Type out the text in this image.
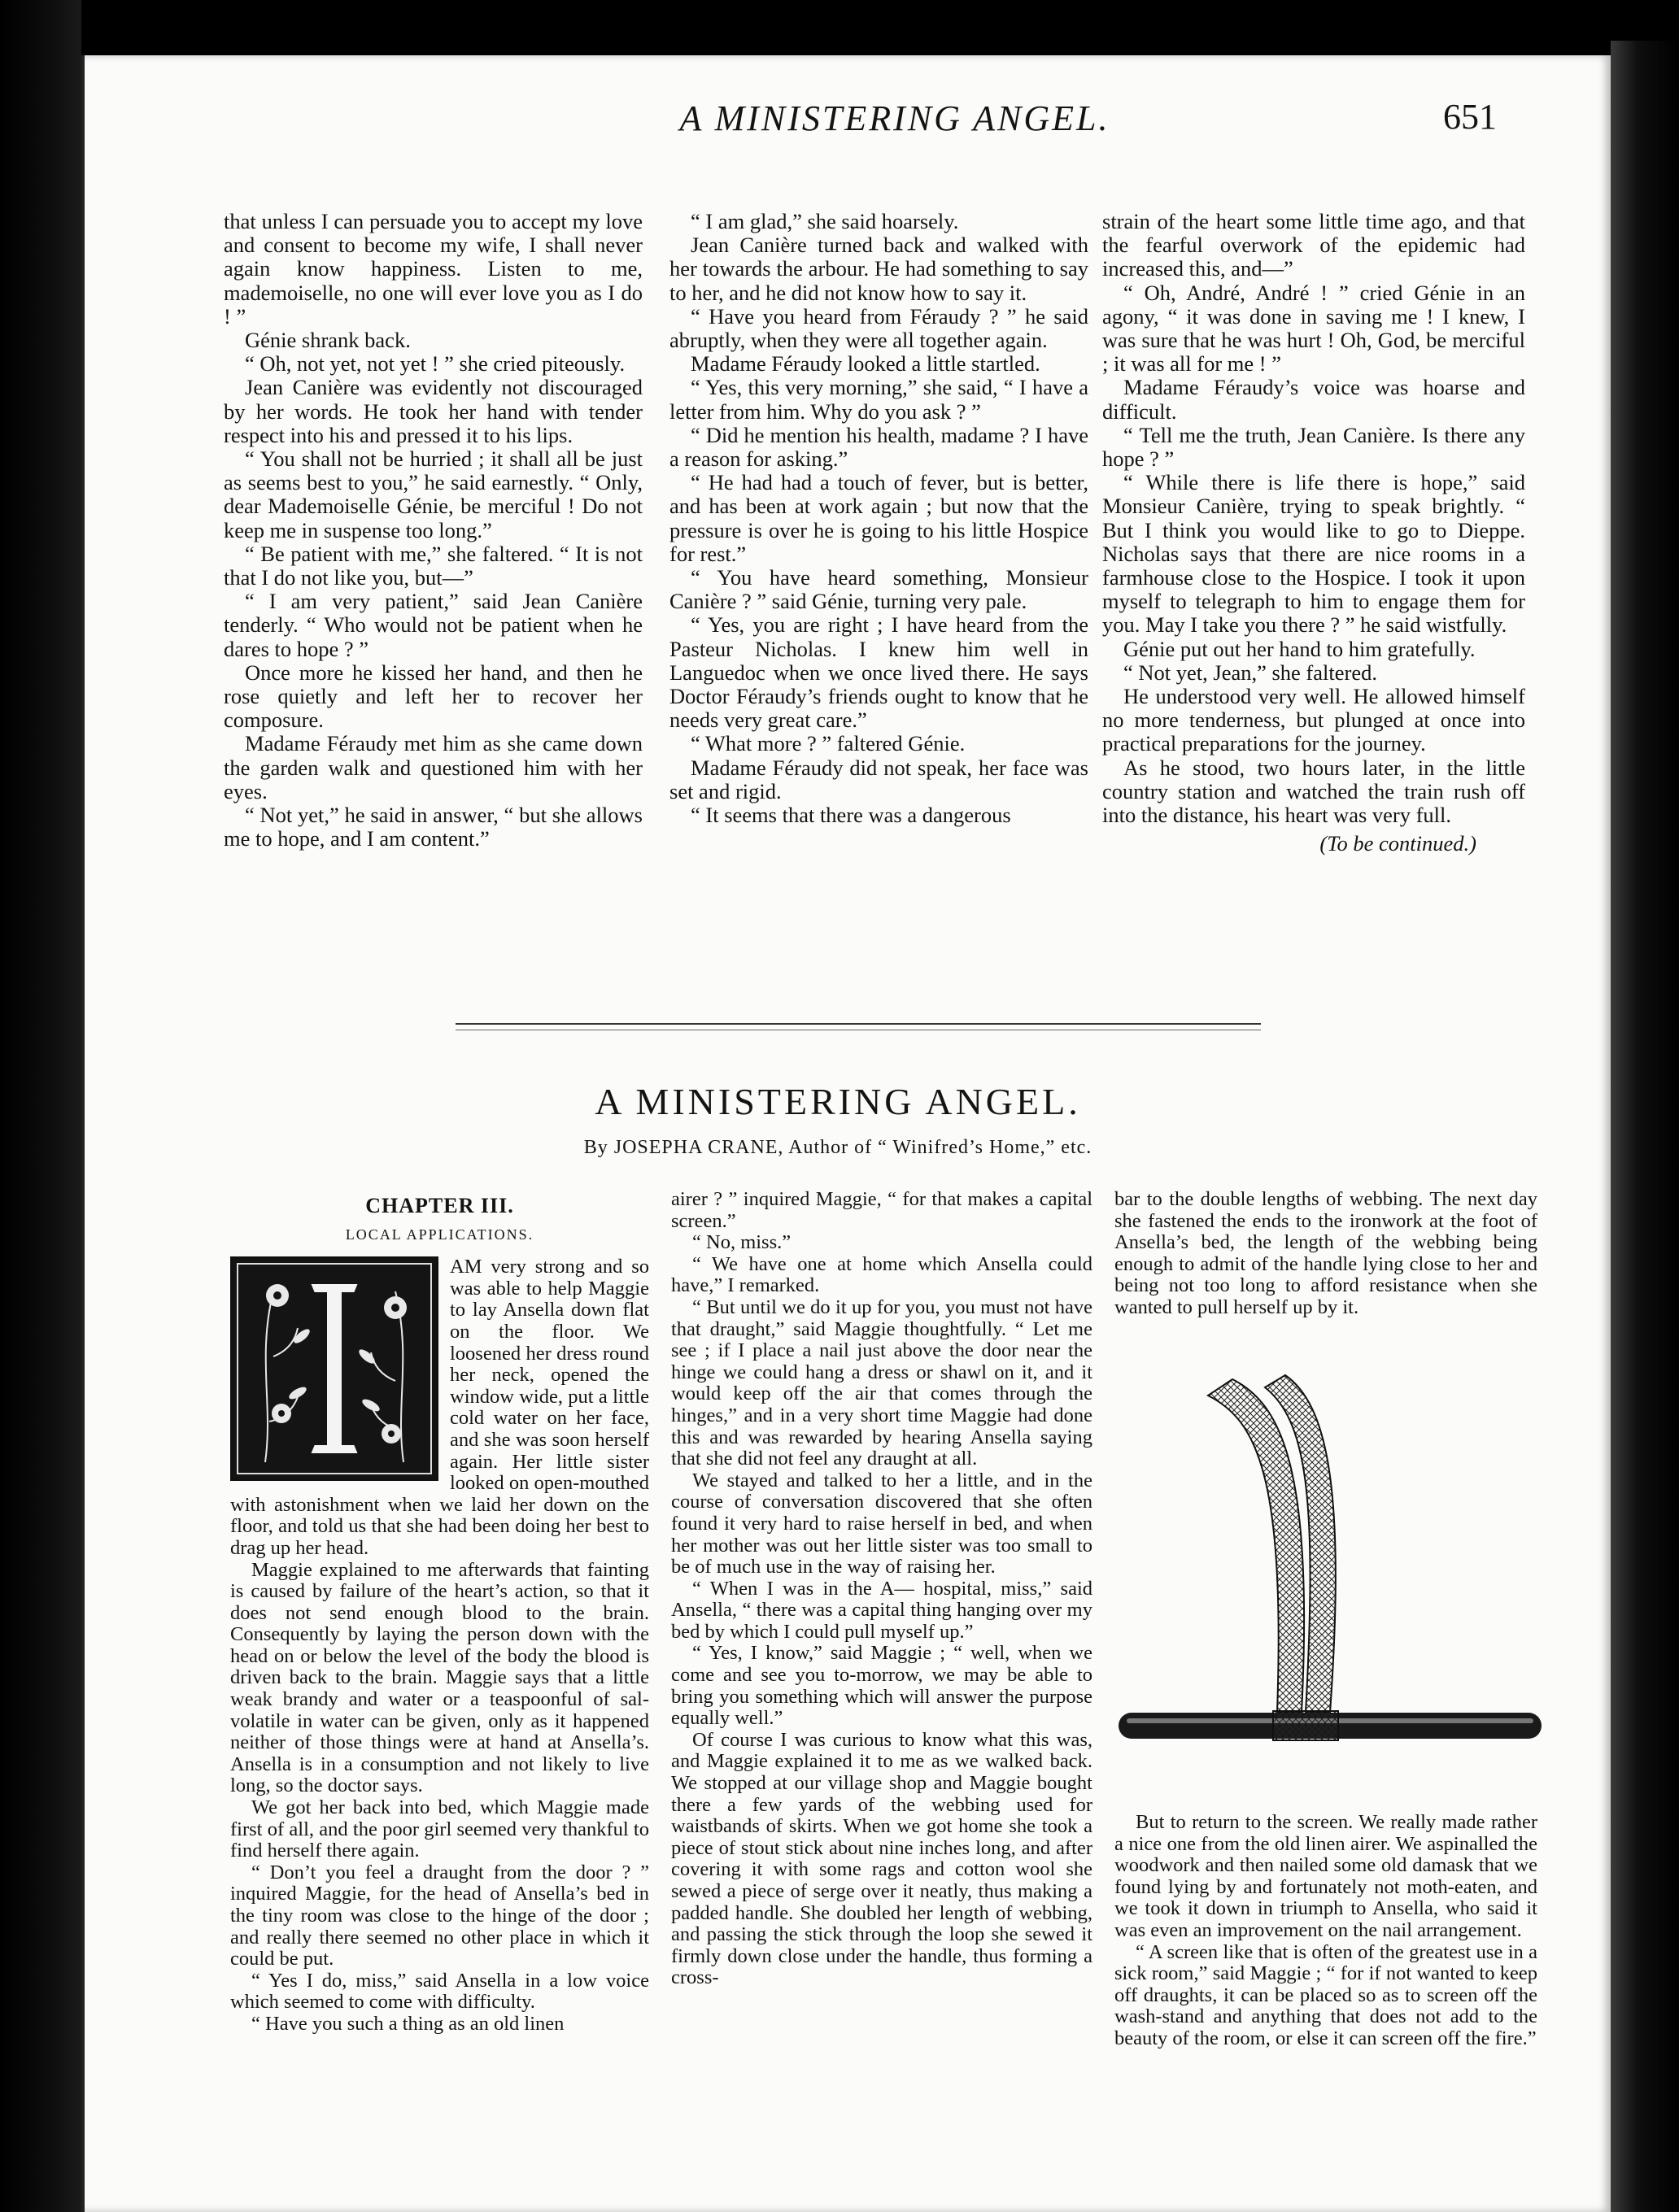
A MINISTERING ANGEL.	651

that unless I can persuade you to accept my love and consent to become my wife, I shall never again know happiness. Listen to me, mademoiselle, no one will ever love you as I do ! ”

Génie shrank back.

“ Oh, not yet, not yet ! ” she cried piteously.

Jean Canière was evidently not discouraged by her words. He took her hand with tender respect into his and pressed it to his lips.

“ You shall not be hurried ; it shall all be just as seems best to you,” he said earnestly. “ Only, dear Mademoiselle Génie, be merciful ! Do not keep me in suspense too long.”

“ Be patient with me,” she faltered. “ It is not that I do not like you, but—”

“ I am very patient,” said Jean Canière tenderly. “ Who would not be patient when he dares to hope ? ”

Once more he kissed her hand, and then he rose quietly and left her to recover her composure.

Madame Féraudy met him as she came down the garden walk and questioned him with her eyes.

“ Not yet,” he said in answer, “ but she allows me to hope, and I am content.”

“ I am glad,” she said hoarsely.

Jean Canière turned back and walked with her towards the arbour. He had something to say to her, and he did not know how to say it.

“ Have you heard from Féraudy ? ” he said abruptly, when they were all together again.

Madame Féraudy looked a little startled.

“ Yes, this very morning,” she said, “ I have a letter from him. Why do you ask ? ”

“ Did he mention his health, madame ? I have a reason for asking.”

“ He had had a touch of fever, but is better, and has been at work again ; but now that the pressure is over he is going to his little Hospice for rest.”

“ You have heard something, Monsieur Canière ? ” said Génie, turning very pale.

“ Yes, you are right ; I have heard from the Pasteur Nicholas. I knew him well in Languedoc when we once lived there. He says Doctor Féraudy’s friends ought to know that he needs very great care.”

“ What more ? ” faltered Génie.

Madame Féraudy did not speak, her face was set and rigid.

“ It seems that there was a dangerous

strain of the heart some little time ago, and that the fearful overwork of the epidemic had increased this, and—”

“ Oh, André, André ! ” cried Génie in an agony, “ it was done in saving me ! I knew, I was sure that he was hurt ! Oh, God, be merciful ; it was all for me ! ”

Madame Féraudy’s voice was hoarse and difficult.

“ Tell me the truth, Jean Canière. Is there any hope ? ”

“ While there is life there is hope,” said Monsieur Canière, trying to speak brightly. “ But I think you would like to go to Dieppe. Nicholas says that there are nice rooms in a farmhouse close to the Hospice. I took it upon myself to telegraph to him to engage them for you. May I take you there ? ” he said wistfully.

Génie put out her hand to him gratefully.

“ Not yet, Jean,” she faltered.

He understood very well. He allowed himself no more tenderness, but plunged at once into practical preparations for the journey.

As he stood, two hours later, in the little country station and watched the train rush off into the distance, his heart was very full.

(To be continued.)

A MINISTERING ANGEL.
By JOSEPHA CRANE, Author of “ Winifred’s Home,” etc.
CHAPTER III.
LOCAL APPLICATIONS.

AM very strong and so was able to help Maggie to lay Ansella down flat on the floor. We loosened her dress round her neck, opened the window wide, put a little cold water on her face, and she was soon herself again. Her little sister looked on open-mouthed with astonishment when we laid her down on the floor, and told us that she had been doing her best to drag up her head.

Maggie explained to me afterwards that fainting is caused by failure of the heart’s action, so that it does not send enough blood to the brain. Consequently by laying the person down with the head on or below the level of the body the blood is driven back to the brain. Maggie says that a little weak brandy and water or a teaspoonful of sal-volatile in water can be given, only as it happened neither of those things were at hand at Ansella’s. Ansella is in a consumption and not likely to live long, so the doctor says.

We got her back into bed, which Maggie made first of all, and the poor girl seemed very thankful to find herself there again.

“ Don’t you feel a draught from the door ? ” inquired Maggie, for the head of Ansella’s bed in the tiny room was close to the hinge of the door ; and really there seemed no other place in which it could be put.

“ Yes I do, miss,” said Ansella in a low voice which seemed to come with difficulty.

“ Have you such a thing as an old linen

airer ? ” inquired Maggie, “ for that makes a capital screen.”

“ No, miss.”

“ We have one at home which Ansella could have,” I remarked.

“ But until we do it up for you, you must not have that draught,” said Maggie thoughtfully. “ Let me see ; if I place a nail just above the door near the hinge we could hang a dress or shawl on it, and it would keep off the air that comes through the hinges,” and in a very short time Maggie had done this and was rewarded by hearing Ansella saying that she did not feel any draught at all.

We stayed and talked to her a little, and in the course of conversation discovered that she often found it very hard to raise herself in bed, and when her mother was out her little sister was too small to be of much use in the way of raising her.

“ When I was in the A— hospital, miss,” said Ansella, “ there was a capital thing hanging over my bed by which I could pull myself up.”

“ Yes, I know,” said Maggie ; “ well, when we come and see you to-morrow, we may be able to bring you something which will answer the purpose equally well.”

Of course I was curious to know what this was, and Maggie explained it to me as we walked back. We stopped at our village shop and Maggie bought there a few yards of the webbing used for waistbands of skirts. When we got home she took a piece of stout stick about nine inches long, and after covering it with some rags and cotton wool she sewed a piece of serge over it neatly, thus making a padded handle. She doubled her length of webbing, and passing the stick through the loop she sewed it firmly down close under the handle, thus forming a cross-

bar to the double lengths of webbing. The next day she fastened the ends to the ironwork at the foot of Ansella’s bed, the length of the webbing being enough to admit of the handle lying close to her and being not too long to afford resistance when she wanted to pull herself up by it.

But to return to the screen. We really made rather a nice one from the old linen airer. We aspinalled the woodwork and then nailed some old damask that we found lying by and fortunately not moth-eaten, and we took it down in triumph to Ansella, who said it was even an improvement on the nail arrangement.

“ A screen like that is often of the greatest use in a sick room,” said Maggie ; “ for if not wanted to keep off draughts, it can be placed so as to screen off the wash-stand and anything that does not add to the beauty of the room, or else it can screen off the fire.”
